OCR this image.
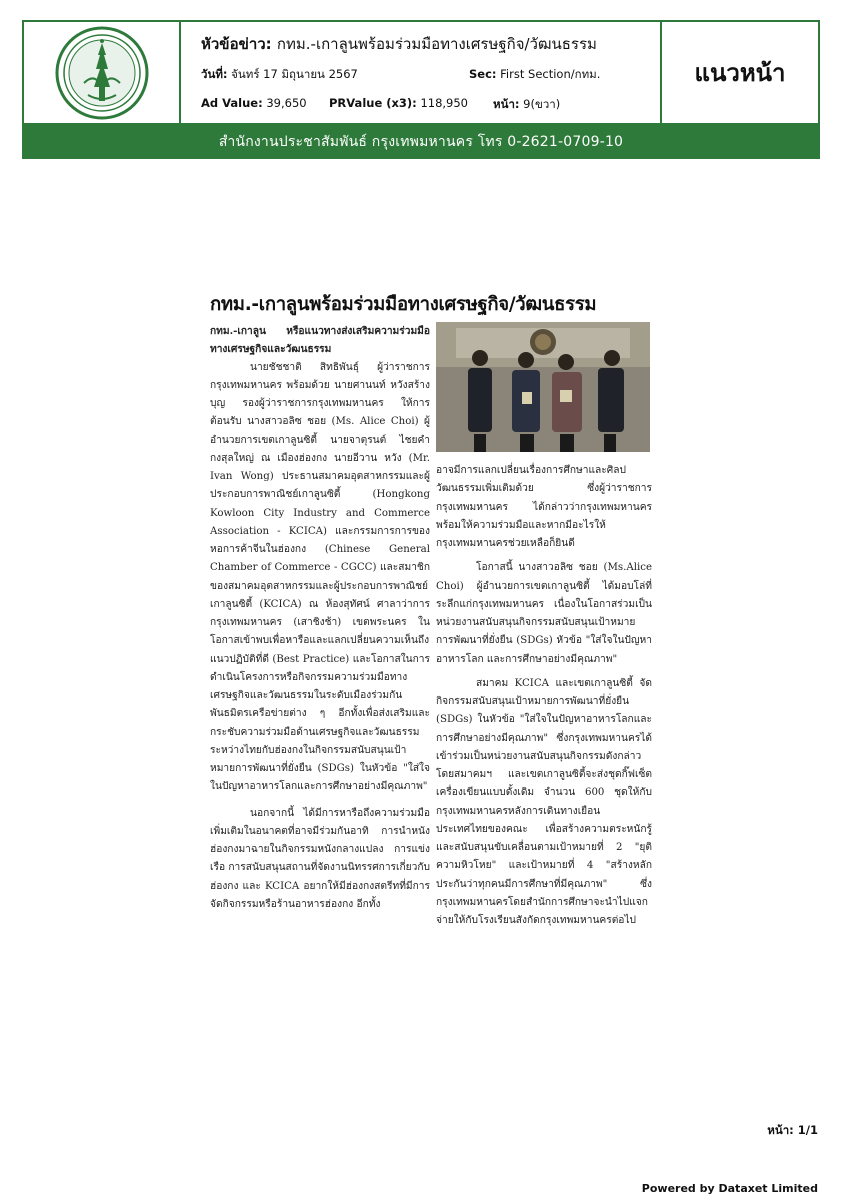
หัวข้อข่าว: กทม.-เกาลูนพร้อมร่วมมือทางเศรษฐกิจ/วัฒนธรรม
วันที่: จันทร์ 17 มิถุนายน 2567	Sec: First Section/กทม.
Ad Value: 39,650	PRValue (x3): 118,950	หน้า: 9(ขวา)
แนวหน้า
สำนักงานประชาสัมพันธ์ กรุงเทพมหานคร โทร 0-2621-0709-10
กทม.-เกาลูนพร้อมร่วมมือทางเศรษฐกิจ/วัฒนธรรม

กทม.-เกาลูน หรือแนวทางส่งเสริมความร่วมมือทางเศรษฐกิจและวัฒนธรรม

นายชัชชาติ สิทธิพันธุ์ ผู้ว่าราชการกรุงเทพมหานคร พร้อมด้วย นายศานนท์ หวังสร้างบุญ รองผู้ว่าราชการกรุงเทพมหานคร ให้การต้อนรับ นางสาวอลิซ ชอย (Ms. Alice Choi) ผู้อำนวยการเขตเกาลูนซิตี้ นายจาตุรนต์ ไชยคำ กงสุลใหญ่ ณ เมืองฮ่องกง นายอีวาน หวัง (Mr. Ivan Wong) ประธานสมาคมอุตสาหกรรมและผู้ประกอบการพาณิชย์เกาลูนซิตี้ (Hongkong Kowloon City Industry and Commerce Association - KCICA) และกรรมการการของหอการค้าจีนในฮ่องกง (Chinese General Chamber of Commerce - CGCC) และสมาชิกของสมาคมอุตสาหกรรมและผู้ประกอบการพาณิชย์เกาลูนซิตี้ (KCICA) ณ ห้องสุทัศน์ ศาลาว่าการกรุงเทพมหานคร (เสาชิงช้า) เขตพระนคร ในโอกาสเข้าพบเพื่อหารือและแลกเปลี่ยนความเห็นถึงแนวปฏิบัติที่ดี (Best Practice) และโอกาสในการดำเนินโครงการหรือกิจกรรมความร่วมมือทางเศรษฐกิจและวัฒนธรรมในระดับเมืองร่วมกันพันธมิตรเครือข่ายต่าง ๆ อีกทั้งเพื่อส่งเสริมและกระชับความร่วมมือด้านเศรษฐกิจและวัฒนธรรมระหว่างไทยกับฮ่องกงในกิจกรรมสนับสนุนเป้าหมายการพัฒนาที่ยั่งยืน (SDGs) ในหัวข้อ "ใส่ใจในปัญหาอาหารโลกและการศึกษาอย่างมีคุณภาพ"

นอกจากนี้ ได้มีการหารือถึงความร่วมมือเพิ่มเติมในอนาคตที่อาจมีร่วมกันอาทิ การนำหนังฮ่องกงมาฉายในกิจกรรมหนังกลางแปลง การแข่งเรือ การสนับสนุนสถานที่จัดงานนิทรรศการเกี่ยวกับฮ่องกง และ KCICA อยากให้มีฮ่องกงสตรีทที่มีการจัดกิจกรรมหรือร้านอาหารฮ่องกง อีกทั้ง

อาจมีการแลกเปลี่ยนเรื่องการศึกษาและศิลปวัฒนธรรมเพิ่มเติมด้วย ซึ่งผู้ว่าราชการกรุงเทพมหานคร ได้กล่าวว่ากรุงเทพมหานครพร้อมให้ความร่วมมือและหากมีอะไรให้กรุงเทพมหานครช่วยเหลือก็ยินดี

โอกาสนี้ นางสาวอลิซ ชอย (Ms.Alice Choi) ผู้อำนวยการเขตเกาลูนซิตี้ ได้มอบโล่ที่ระลึกแก่กรุงเทพมหานคร เนื่องในโอกาสร่วมเป็นหน่วยงานสนับสนุนกิจกรรมสนับสนุนเป้าหมาย การพัฒนาที่ยั่งยืน (SDGs) หัวข้อ "ใส่ใจในปัญหาอาหารโลก และการศึกษาอย่างมีคุณภาพ"

สมาคม KCICA และเขตเกาลูนซิตี้ จัดกิจกรรมสนับสนุนเป้าหมายการพัฒนาที่ยั่งยืน (SDGs) ในหัวข้อ "ใส่ใจในปัญหาอาหารโลกและการศึกษาอย่างมีคุณภาพ" ซึ่งกรุงเทพมหานครได้เข้าร่วมเป็นหน่วยงานสนับสนุนกิจกรรมดังกล่าวโดยสมาคมฯ และเขตเกาลูนซิตี้จะส่งชุดกิ๊ฟเซ็ตเครื่องเขียนแบบดั้งเดิม จำนวน 600 ชุดให้กับกรุงเทพมหานครหลังการเดินทางเยือนประเทศไทยของคณะ เพื่อสร้างความตระหนักรู้และสนับสนุนขับเคลื่อนตามเป้าหมายที่ 2 "ยุติความหิวโหย" และเป้าหมายที่ 4 "สร้างหลักประกันว่าทุกคนมีการศึกษาที่มีคุณภาพ" ซึ่งกรุงเทพมหานครโดยสำนักการศึกษาจะนำไปแจกจ่ายให้กับโรงเรียนสังกัดกรุงเทพมหานครต่อไป

หน้า: 1/1
Powered by Dataxet Limited
